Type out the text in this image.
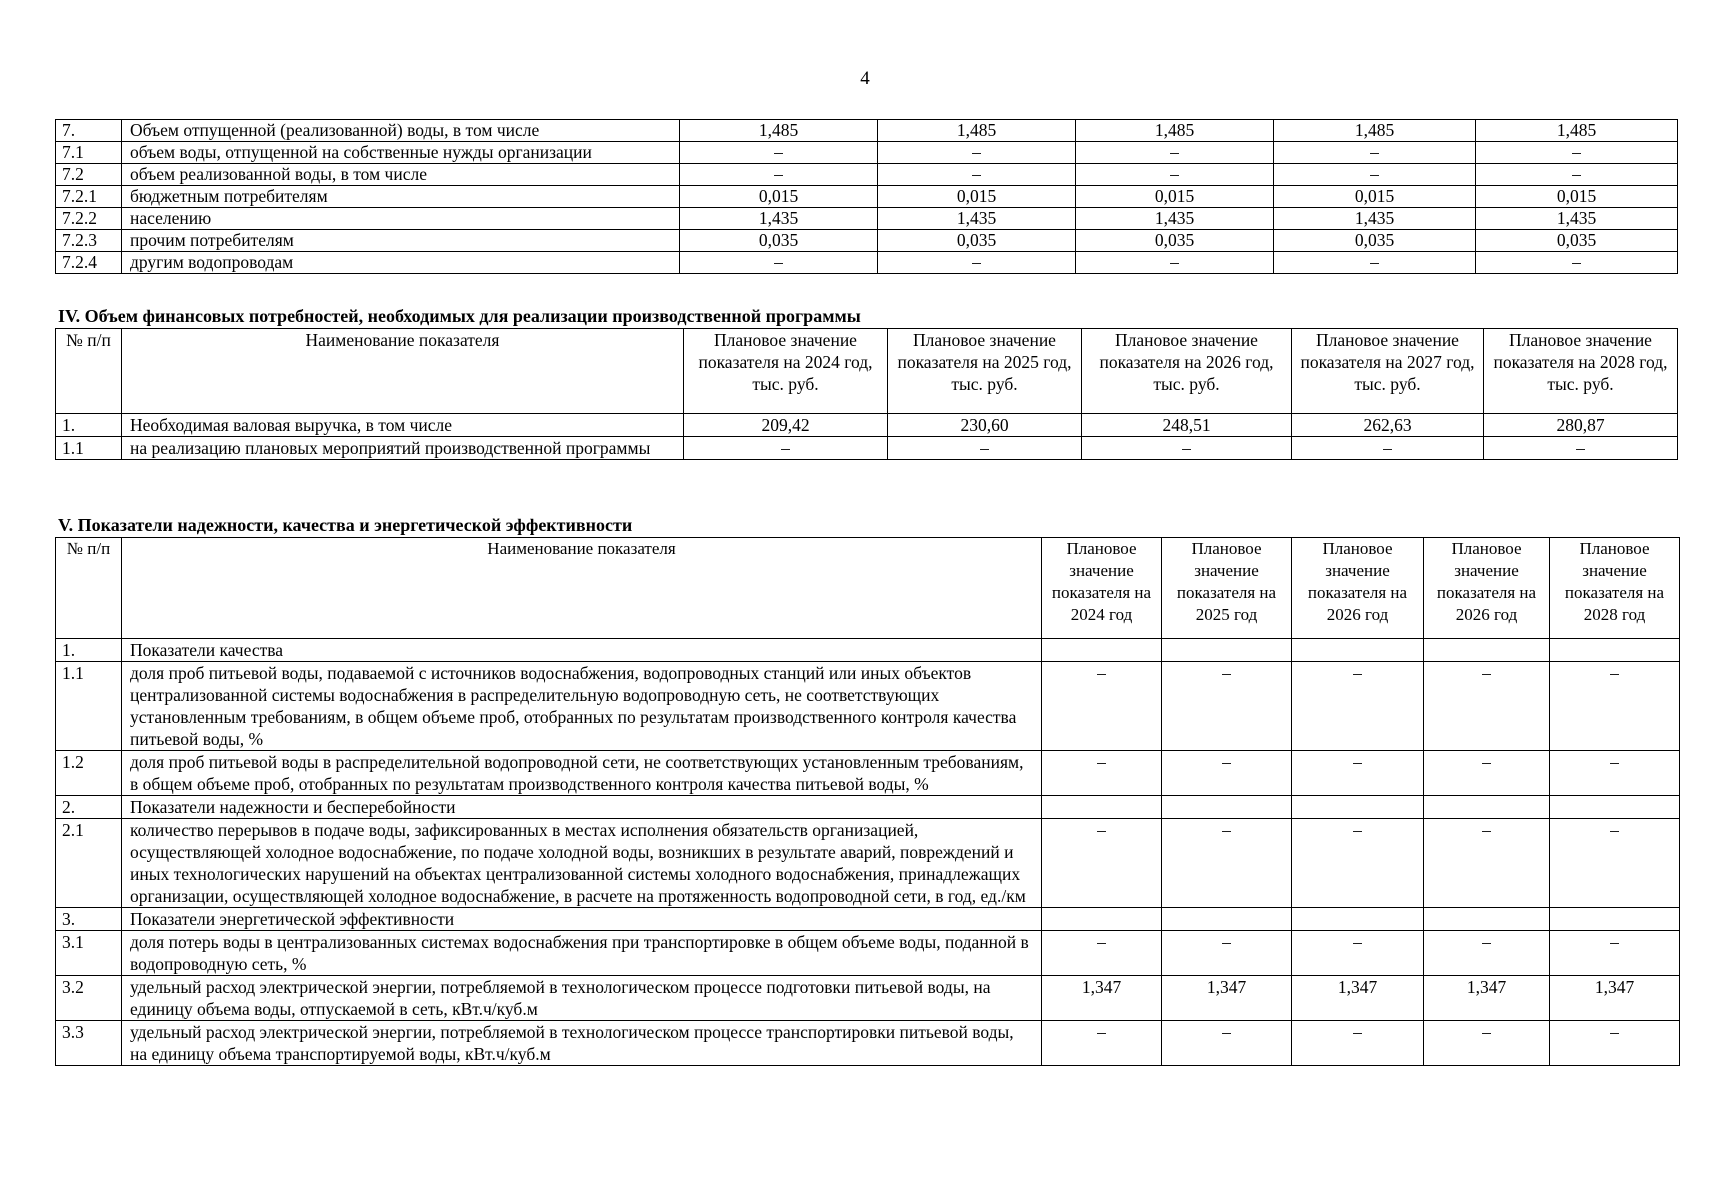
4
7.	Объем отпущенной (реализованной) воды, в том числе	1,485	1,485	1,485	1,485	1,485
7.1	объем воды, отпущенной на собственные нужды организации	–	–	–	–	–
7.2	объем реализованной воды, в том числе	–	–	–	–	–
7.2.1	бюджетным потребителям	0,015	0,015	0,015	0,015	0,015
7.2.2	населению	1,435	1,435	1,435	1,435	1,435
7.2.3	прочим потребителям	0,035	0,035	0,035	0,035	0,035
7.2.4	другим водопроводам	–	–	–	–	–
IV. Объем финансовых потребностей, необходимых для реализации производственной программы
№ п/п	Наименование показателя	Плановое значение показателя на 2024 год, тыс. руб.	Плановое значение показателя на 2025 год, тыс. руб.	Плановое значение показателя на 2026 год, тыс. руб.	Плановое значение показателя на 2027 год, тыс. руб.	Плановое значение показателя на 2028 год, тыс. руб.
1.	Необходимая валовая выручка, в том числе	209,42	230,60	248,51	262,63	280,87
1.1	на реализацию плановых мероприятий производственной программы	–	–	–	–	–
V. Показатели надежности, качества и энергетической эффективности
№ п/п	Наименование показателя	Плановое значение показателя на 2024 год	Плановое значение показателя на 2025 год	Плановое значение показателя на 2026 год	Плановое значение показателя на 2026 год	Плановое значение показателя на 2028 год
1.	Показатели качества					
1.1	доля проб питьевой воды, подаваемой с источников водоснабжения, водопроводных станций или иных объектов централизованной системы водоснабжения в распределительную водопроводную сеть, не соответствующих установленным требованиям, в общем объеме проб, отобранных по результатам производственного контроля качества питьевой воды, %	–	–	–	–	–
1.2	доля проб питьевой воды в распределительной водопроводной сети, не соответствующих установленным требованиям, в общем объеме проб, отобранных по результатам производственного контроля качества питьевой воды, %	–	–	–	–	–
2.	Показатели надежности и бесперебойности					
2.1	количество перерывов в подаче воды, зафиксированных в местах исполнения обязательств организацией, осуществляющей холодное водоснабжение, по подаче холодной воды, возникших в результате аварий, повреждений и иных технологических нарушений на объектах централизованной системы холодного водоснабжения, принадлежащих организации, осуществляющей холодное водоснабжение, в расчете на протяженность водопроводной сети, в год, ед./км	–	–	–	–	–
3.	Показатели энергетической эффективности					
3.1	доля потерь воды в централизованных системах водоснабжения при транспортировке в общем объеме воды, поданной в водопроводную сеть, %	–	–	–	–	–
3.2	удельный расход электрической энергии, потребляемой в технологическом процессе подготовки питьевой воды, на единицу объема воды, отпускаемой в сеть, кВт.ч/куб.м	1,347	1,347	1,347	1,347	1,347
3.3	удельный расход электрической энергии, потребляемой в технологическом процессе транспортировки питьевой воды, на единицу объема транспортируемой воды, кВт.ч/куб.м	–	–	–	–	–
